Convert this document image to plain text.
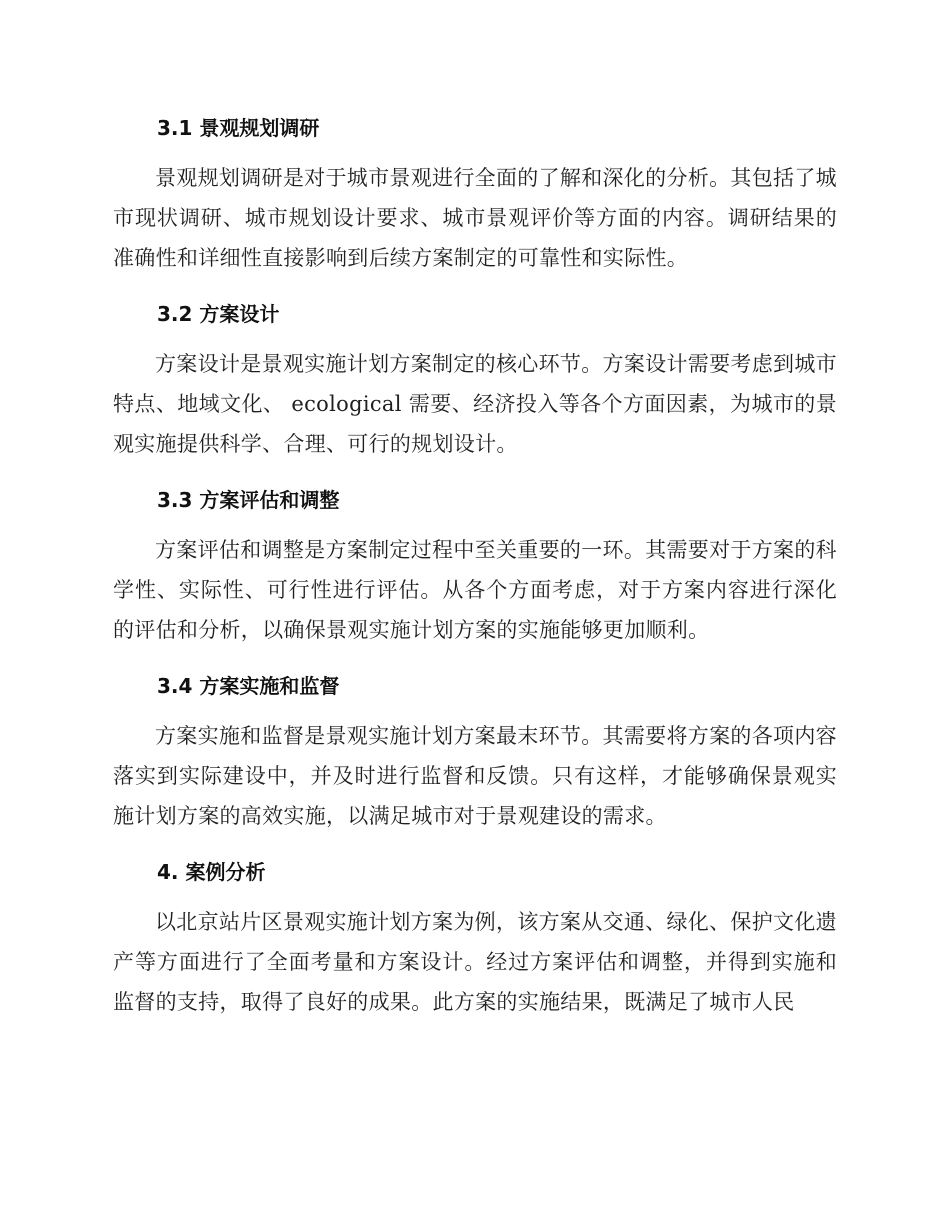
3.1 景观规划调研

景观规划调研是对于城市景观进行全面的了解和深化的分析。其包括了城市现状调研、城市规划设计要求、城市景观评价等方面的内容。调研结果的准确性和详细性直接影响到后续方案制定的可靠性和实际性。

3.2 方案设计

方案设计是景观实施计划方案制定的核心环节。方案设计需要考虑到城市特点、地域文化、 ecological 需要、经济投入等各个方面因素，为城市的景观实施提供科学、合理、可行的规划设计。

3.3 方案评估和调整

方案评估和调整是方案制定过程中至关重要的一环。其需要对于方案的科学性、实际性、可行性进行评估。从各个方面考虑，对于方案内容进行深化的评估和分析，以确保景观实施计划方案的实施能够更加顺利。

3.4 方案实施和监督

方案实施和监督是景观实施计划方案最末环节。其需要将方案的各项内容落实到实际建设中，并及时进行监督和反馈。只有这样，才能够确保景观实施计划方案的高效实施，以满足城市对于景观建设的需求。

4. 案例分析

以北京站片区景观实施计划方案为例，该方案从交通、绿化、保护文化遗产等方面进行了全面考量和方案设计。经过方案评估和调整，并得到实施和监督的支持，取得了良好的成果。此方案的实施结果，既满足了城市人民
